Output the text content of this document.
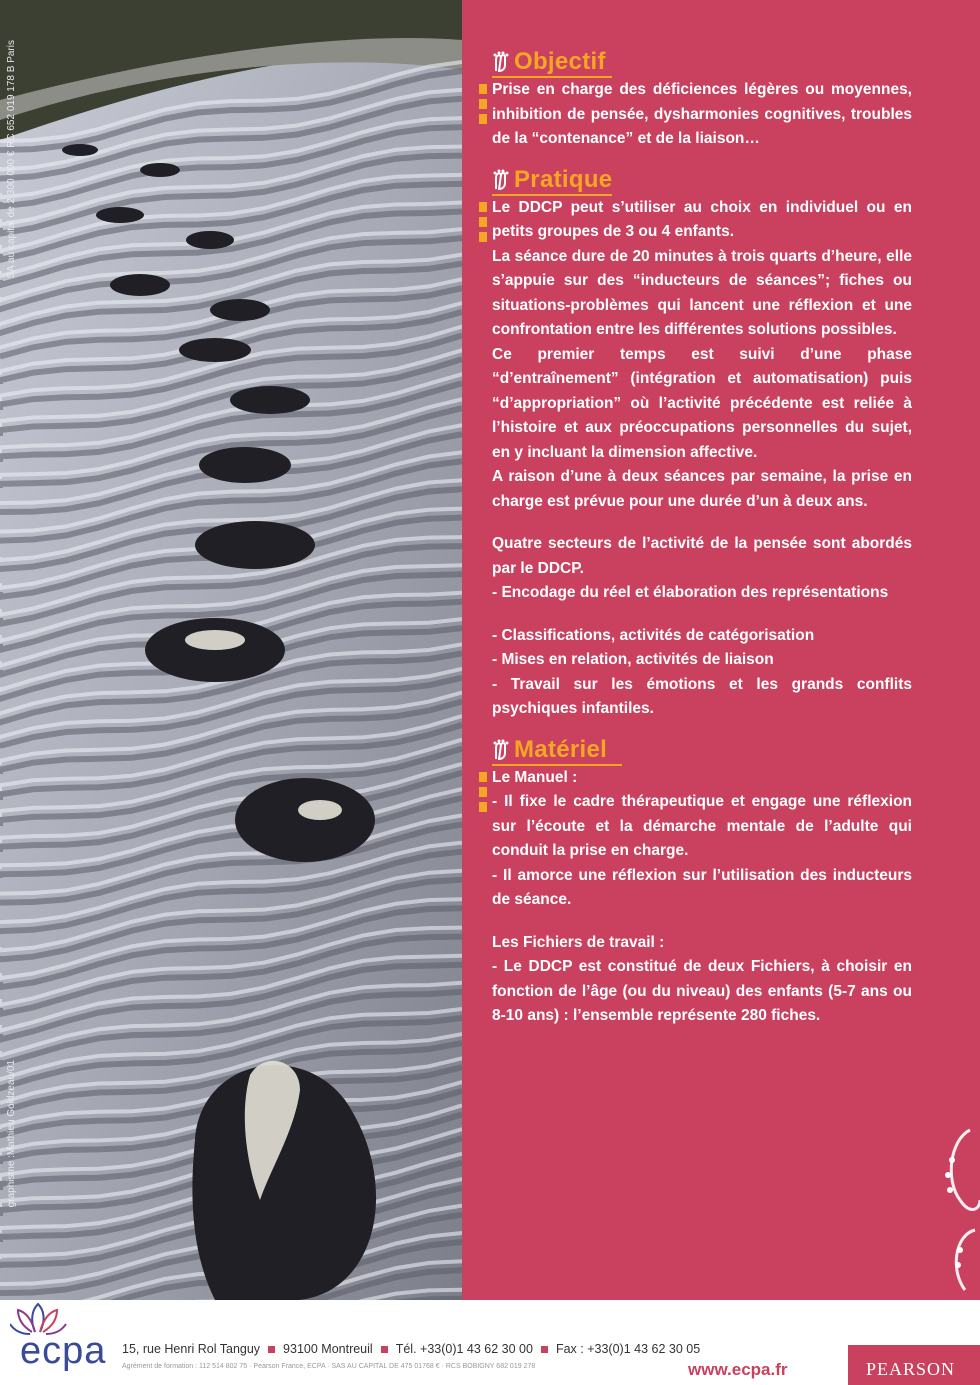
SA au capital de 2 300 000 € RC 652 019 178 B Paris
graphisme :Mathieu Goldzeau/01
Objectif

Prise en charge des déficiences légères ou moyennes, inhibition de pensée, dysharmonies cognitives, troubles de la “contenance” et de la liaison…

Pratique

Le DDCP peut s’utiliser au choix en individuel ou en petits groupes de 3 ou 4 enfants.

La séance dure de 20 minutes à trois quarts d’heure, elle s’appuie sur des “inducteurs de séances”; fiches ou situations-problèmes qui lancent une réflexion et une confrontation entre les différentes solutions possibles.

Ce premier temps est suivi d’une phase “d’entraînement” (intégration et automatisation) puis “d’appropriation” où l’activité précédente est reliée à l’histoire et aux préoccupations personnelles du sujet, en y incluant la dimension affective.

A raison d’une à deux séances par semaine, la prise en charge est prévue pour une durée d’un à deux ans.

Quatre secteurs de l’activité de la pensée sont abordés par le DDCP.

- Encodage du réel et élaboration des représentations

- Classifications, activités de catégorisation

- Mises en relation, activités de liaison

- Travail sur les émotions et les grands conflits psychiques infantiles.

Matériel

Le Manuel :

- Il fixe le cadre thérapeutique et engage une réflexion sur l’écoute et la démarche mentale de l’adulte qui conduit la prise en charge.

- Il amorce une réflexion sur l’utilisation des inducteurs de séance.

Les Fichiers de travail :

- Le DDCP est constitué de deux Fichiers, à choisir en fonction de l’âge (ou du niveau) des enfants (5-7 ans ou 8-10 ans) : l’ensemble représente 280 fiches.

ecpa 15, rue Henri Rol Tanguy 93100 Montreuil Tél. +33(0)1 43 62 30 00 Fax : +33(0)1 43 62 30 05
Agrément de formation : 112 514 802 75 · Pearson France, ECPA · SAS AU CAPITAL DE 475 01768 € · RCS BOBIGNY 682 019 278	www.ecpa.fr	PEARSON
